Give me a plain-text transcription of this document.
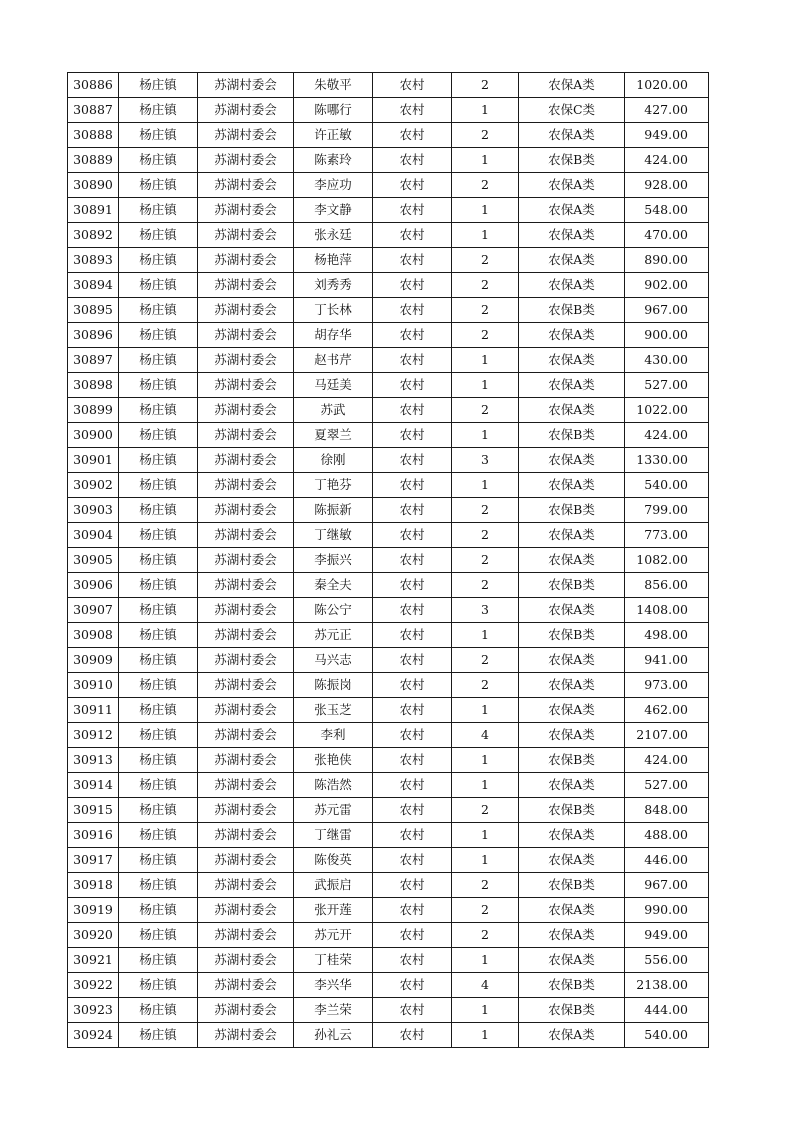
30886	杨庄镇	苏湖村委会	朱敬平	农村	2	农保A类	1020.00
30887	杨庄镇	苏湖村委会	陈哪行	农村	1	农保C类	427.00
30888	杨庄镇	苏湖村委会	许正敏	农村	2	农保A类	949.00
30889	杨庄镇	苏湖村委会	陈素玲	农村	1	农保B类	424.00
30890	杨庄镇	苏湖村委会	李应功	农村	2	农保A类	928.00
30891	杨庄镇	苏湖村委会	李文静	农村	1	农保A类	548.00
30892	杨庄镇	苏湖村委会	张永廷	农村	1	农保A类	470.00
30893	杨庄镇	苏湖村委会	杨艳萍	农村	2	农保A类	890.00
30894	杨庄镇	苏湖村委会	刘秀秀	农村	2	农保A类	902.00
30895	杨庄镇	苏湖村委会	丁长林	农村	2	农保B类	967.00
30896	杨庄镇	苏湖村委会	胡存华	农村	2	农保A类	900.00
30897	杨庄镇	苏湖村委会	赵书芹	农村	1	农保A类	430.00
30898	杨庄镇	苏湖村委会	马廷美	农村	1	农保A类	527.00
30899	杨庄镇	苏湖村委会	苏武	农村	2	农保A类	1022.00
30900	杨庄镇	苏湖村委会	夏翠兰	农村	1	农保B类	424.00
30901	杨庄镇	苏湖村委会	徐刚	农村	3	农保A类	1330.00
30902	杨庄镇	苏湖村委会	丁艳芬	农村	1	农保A类	540.00
30903	杨庄镇	苏湖村委会	陈振新	农村	2	农保B类	799.00
30904	杨庄镇	苏湖村委会	丁继敏	农村	2	农保A类	773.00
30905	杨庄镇	苏湖村委会	李振兴	农村	2	农保A类	1082.00
30906	杨庄镇	苏湖村委会	秦全夫	农村	2	农保B类	856.00
30907	杨庄镇	苏湖村委会	陈公宁	农村	3	农保A类	1408.00
30908	杨庄镇	苏湖村委会	苏元正	农村	1	农保B类	498.00
30909	杨庄镇	苏湖村委会	马兴志	农村	2	农保A类	941.00
30910	杨庄镇	苏湖村委会	陈振岗	农村	2	农保A类	973.00
30911	杨庄镇	苏湖村委会	张玉芝	农村	1	农保A类	462.00
30912	杨庄镇	苏湖村委会	李利	农村	4	农保A类	2107.00
30913	杨庄镇	苏湖村委会	张艳侠	农村	1	农保B类	424.00
30914	杨庄镇	苏湖村委会	陈浩然	农村	1	农保A类	527.00
30915	杨庄镇	苏湖村委会	苏元雷	农村	2	农保B类	848.00
30916	杨庄镇	苏湖村委会	丁继雷	农村	1	农保A类	488.00
30917	杨庄镇	苏湖村委会	陈俊英	农村	1	农保A类	446.00
30918	杨庄镇	苏湖村委会	武振启	农村	2	农保B类	967.00
30919	杨庄镇	苏湖村委会	张开莲	农村	2	农保A类	990.00
30920	杨庄镇	苏湖村委会	苏元开	农村	2	农保A类	949.00
30921	杨庄镇	苏湖村委会	丁桂荣	农村	1	农保A类	556.00
30922	杨庄镇	苏湖村委会	李兴华	农村	4	农保B类	2138.00
30923	杨庄镇	苏湖村委会	李兰荣	农村	1	农保B类	444.00
30924	杨庄镇	苏湖村委会	孙礼云	农村	1	农保A类	540.00
